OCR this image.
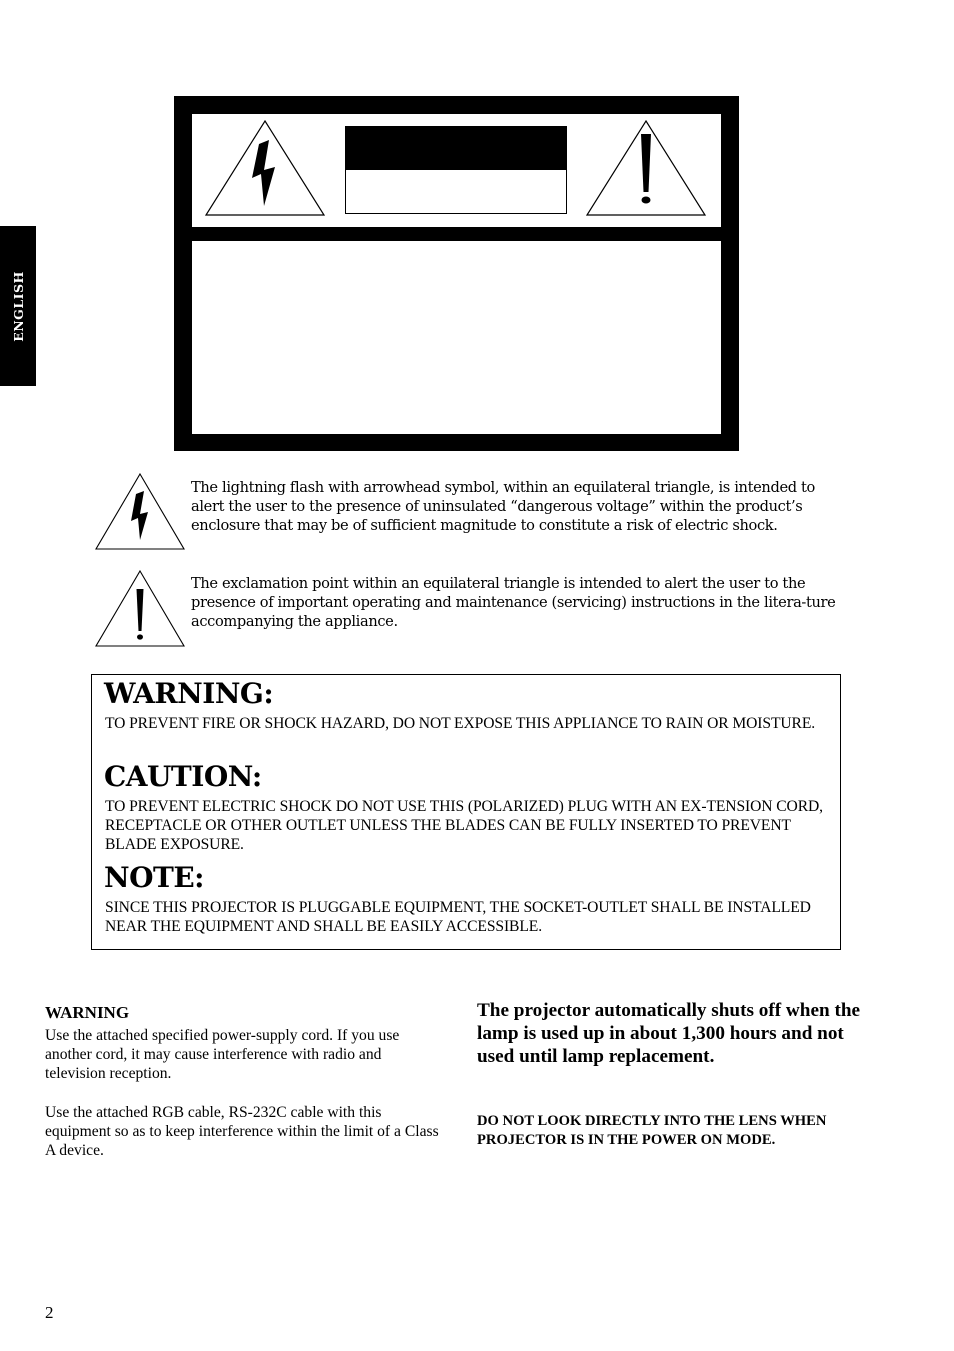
ENGLISH

The lightning flash with arrowhead symbol, within an equilateral triangle, is intended to alert the user to the presence of uninsulated “dangerous voltage” within the product’s enclosure that may be of sufficient magnitude to constitute a risk of electric shock.

The exclamation point within an equilateral triangle is intended to alert the user to the presence of important operating and maintenance (servicing) instructions in the litera-ture accompanying the appliance.

WARNING:

TO PREVENT FIRE OR SHOCK HAZARD, DO NOT EXPOSE THIS APPLIANCE TO RAIN OR MOISTURE.

CAUTION:

TO PREVENT ELECTRIC SHOCK DO NOT USE THIS (POLARIZED) PLUG WITH AN EX-TENSION CORD, RECEPTACLE OR OTHER OUTLET UNLESS THE BLADES CAN BE FULLY INSERTED TO PREVENT BLADE EXPOSURE.

NOTE:

SINCE THIS PROJECTOR IS PLUGGABLE EQUIPMENT, THE SOCKET-OUTLET SHALL BE INSTALLED NEAR THE EQUIPMENT AND SHALL BE EASILY ACCESSIBLE.

WARNING

Use the attached specified power-supply cord. If you use another cord, it may cause interference with radio and television reception.

Use the attached RGB cable, RS-232C cable with this equipment so as to keep interference within the limit of a Class A device.

The projector automatically shuts off when the lamp is used up in about 1,300 hours and not used until lamp replacement.

DO NOT LOOK DIRECTLY INTO THE LENS WHEN PROJECTOR IS IN THE POWER ON MODE.

2
